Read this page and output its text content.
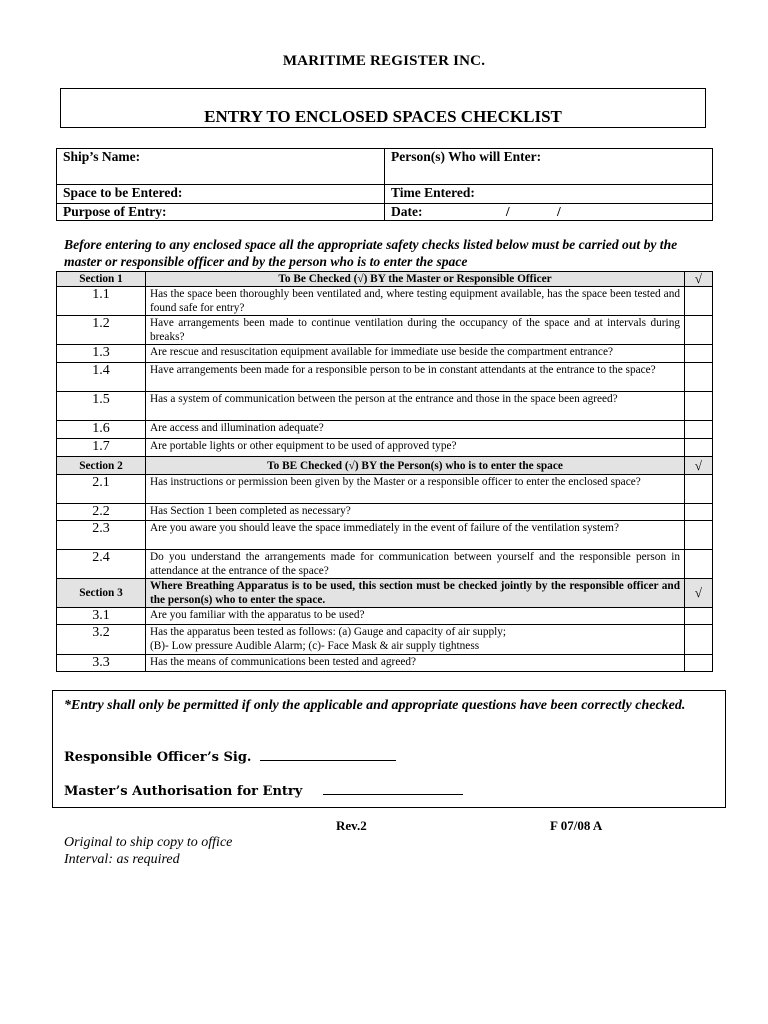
MARITIME REGISTER INC.
ENTRY TO ENCLOSED SPACES CHECKLIST
Ship’s Name:	Person(s) Who will Enter:
Space to be Entered:	Time Entered:
Purpose of Entry:	Date: / /
Before entering to any enclosed space all the appropriate safety checks listed below must be carried out by the master or responsible officer and by the person who is to enter the space
Section 1	To Be Checked (√) BY the Master or Responsible Officer	√
1.1	Has the space been thoroughly been ventilated and, where testing equipment available, has the space been tested and found safe for entry?	
1.2	Have arrangements been made to continue ventilation during the occupancy of the space and at intervals during breaks?	
1.3	Are rescue and resuscitation equipment available for immediate use beside the compartment entrance?	
1.4	Have arrangements been made for a responsible person to be in constant attendants at the entrance to the space?	
1.5	Has a system of communication between the person at the entrance and those in the space been agreed?	
1.6	Are access and illumination adequate?	
1.7	Are portable lights or other equipment to be used of approved type?	
Section 2	To BE Checked (√) BY the Person(s) who is to enter the space	√
2.1	Has instructions or permission been given by the Master or a responsible officer to enter the enclosed space?	
2.2	Has Section 1 been completed as necessary?	
2.3	Are you aware you should leave the space immediately in the event of failure of the ventilation system?	
2.4	Do you understand the arrangements made for communication between yourself and the responsible person in attendance at the entrance of the space?	
Section 3	Where Breathing Apparatus is to be used, this section must be checked jointly by the responsible officer and the person(s) who to enter the space.	√
3.1	Are you familiar with the apparatus to be used?	
3.2	Has the apparatus been tested as follows: (a) Gauge and capacity of air supply;
(B)- Low pressure Audible Alarm; (c)- Face Mask & air supply tightness	

3.3	Has the means of communications been tested and agreed?	
*Entry shall only be permitted if only the applicable and appropriate questions have been correctly checked.
Responsible Officer’s Sig.
Master’s Authorisation for Entry
Rev.2	F 07/08 A
Original to ship copy to office
Interval: as required
